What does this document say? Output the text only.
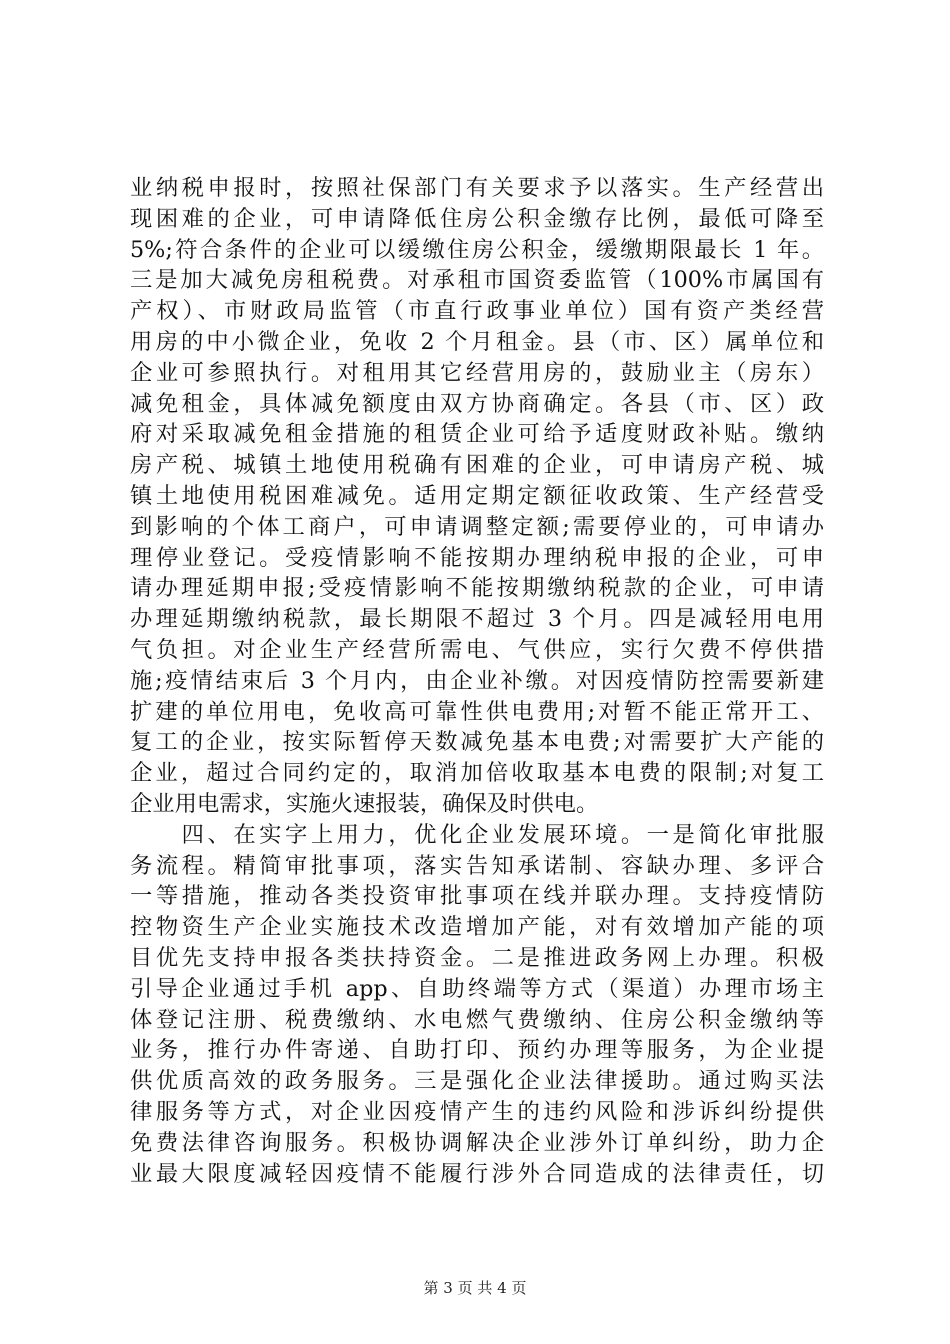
业纳税申报时，按照社保部门有关要求予以落实。生产经营出
现困难的企业，可申请降低住房公积金缴存比例，最低可降至
5%;符合条件的企业可以缓缴住房公积金，缓缴期限最长 1 年。
三是加大减免房租税费。对承租市国资委监管（100%市属国有
产权）、市财政局监管（市直行政事业单位）国有资产类经营
用房的中小微企业，免收 2 个月租金。县（市、区）属单位和
企业可参照执行。对租用其它经营用房的，鼓励业主（房东）
减免租金，具体减免额度由双方协商确定。各县（市、区）政
府对采取减免租金措施的租赁企业可给予适度财政补贴。缴纳
房产税、城镇土地使用税确有困难的企业，可申请房产税、城
镇土地使用税困难减免。适用定期定额征收政策、生产经营受
到影响的个体工商户，可申请调整定额;需要停业的，可申请办
理停业登记。受疫情影响不能按期办理纳税申报的企业，可申
请办理延期申报;受疫情影响不能按期缴纳税款的企业，可申请
办理延期缴纳税款，最长期限不超过 3 个月。四是减轻用电用
气负担。对企业生产经营所需电、气供应，实行欠费不停供措
施;疫情结束后 3 个月内，由企业补缴。对因疫情防控需要新建
扩建的单位用电，免收高可靠性供电费用;对暂不能正常开工、
复工的企业，按实际暂停天数减免基本电费;对需要扩大产能的
企业，超过合同约定的，取消加倍收取基本电费的限制;对复工
企业用电需求，实施火速报装，确保及时供电。
　　四、在实字上用力，优化企业发展环境。一是简化审批服
务流程。精简审批事项，落实告知承诺制、容缺办理、多评合
一等措施，推动各类投资审批事项在线并联办理。支持疫情防
控物资生产企业实施技术改造增加产能，对有效增加产能的项
目优先支持申报各类扶持资金。二是推进政务网上办理。积极
引导企业通过手机 app、自助终端等方式（渠道）办理市场主
体登记注册、税费缴纳、水电燃气费缴纳、住房公积金缴纳等
业务，推行办件寄递、自助打印、预约办理等服务，为企业提
供优质高效的政务服务。三是强化企业法律援助。通过购买法
律服务等方式，对企业因疫情产生的违约风险和涉诉纠纷提供
免费法律咨询服务。积极协调解决企业涉外订单纠纷，助力企
业最大限度减轻因疫情不能履行涉外合同造成的法律责任，切
第 3 页 共 4 页
